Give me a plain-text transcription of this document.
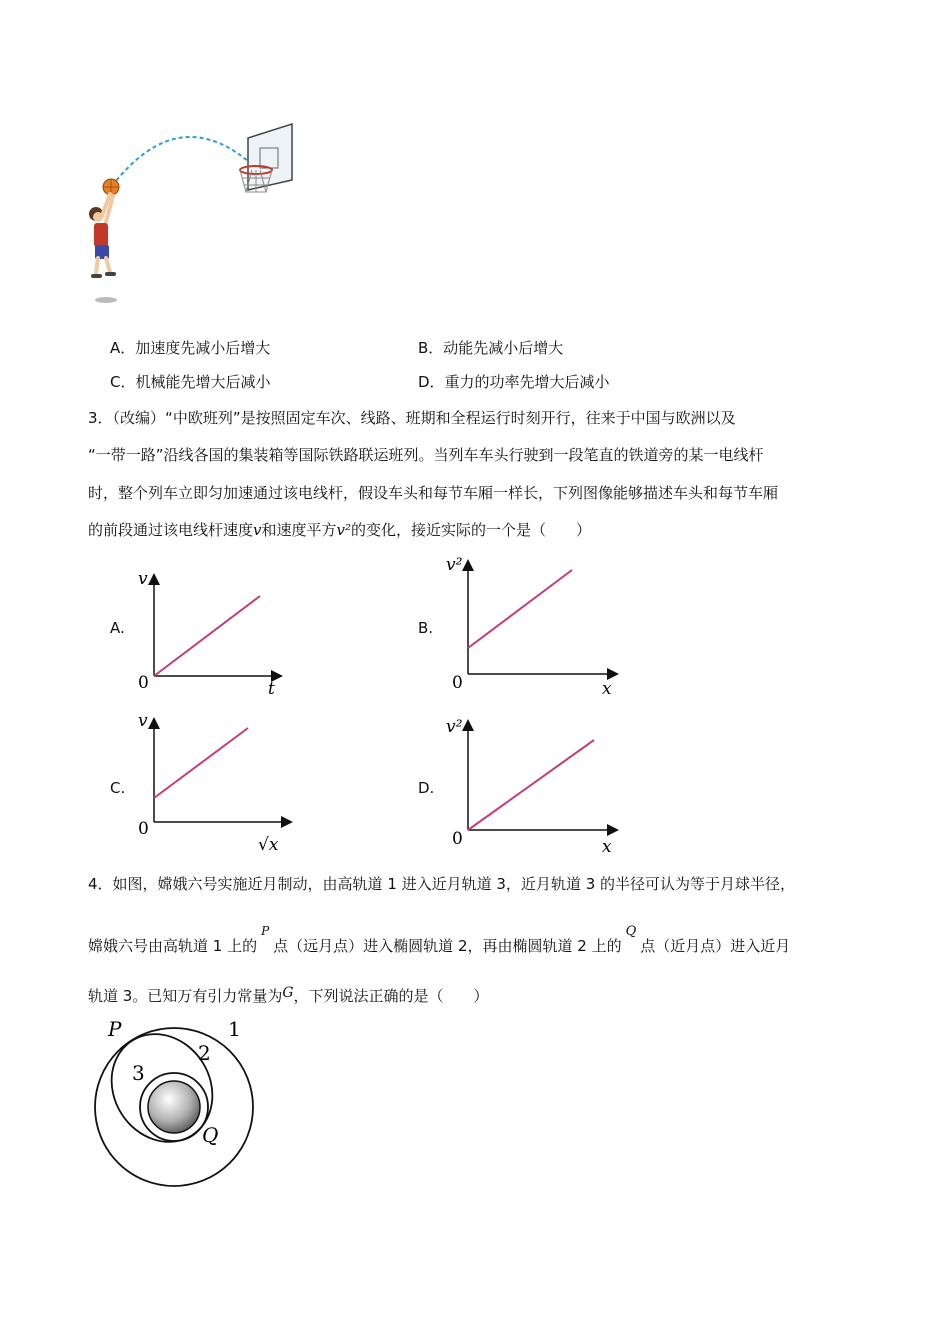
A．加速度先减小后增大	B．动能先减小后增大
C．机械能先增大后减小	D．重力的功率先增大后减小
3．（改编）“中欧班列”是按照固定车次、线路、班期和全程运行时刻开行，往来于中国与欧洲以及
“一带一路”沿线各国的集装箱等国际铁路联运班列。当列车车头行驶到一段笔直的铁道旁的某一电线杆
时，整个列车立即匀加速通过该电线杆，假设车头和每节车厢一样长，下列图像能够描述车头和每节车厢
的前段通过该电线杆速度v和速度平方v²的变化，接近实际的一个是（　　）
A.
v
0	t
B.
v²
0	x
C.
v
0
√x
D.
v²
0	x
4．如图，嫦娥六号实施近月制动，由高轨道 1 进入近月轨道 3，近月轨道 3 的半径可认为等于月球半径，
嫦娥六号由高轨道 1 上的$^P$点（远月点）进入椭圆轨道 2，再由椭圆轨道 2 上的Q点（近月点）进入近月
轨道 3。已知万有引力常量为G，下列说法正确的是（　　）
P	1
2
3
Q
